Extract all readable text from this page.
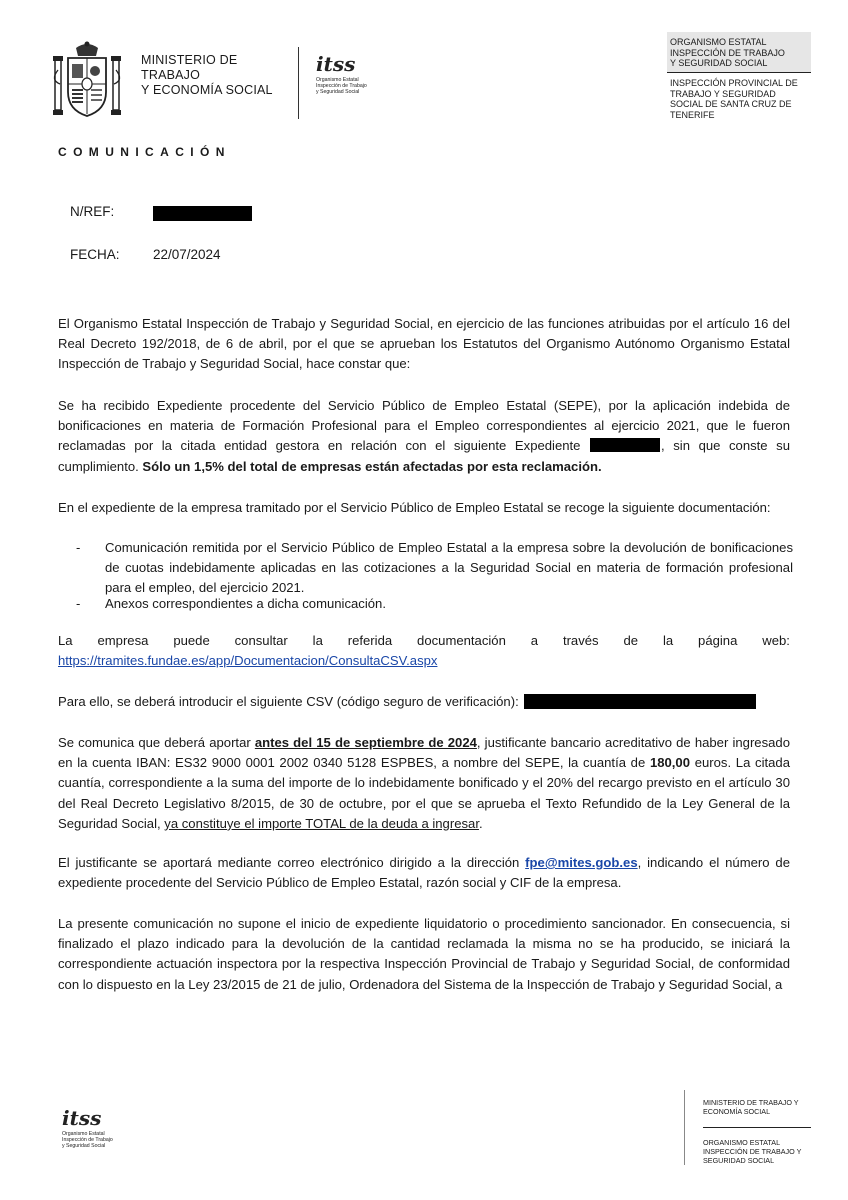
MINISTERIO DE
TRABAJO
Y ECONOMÍA SOCIAL
itss
Organismo Estatal
Inspección de Trabajo
y Seguridad Social
ORGANISMO ESTATAL
INSPECCIÓN DE TRABAJO
Y SEGURIDAD SOCIAL
INSPECCIÓN PROVINCIAL DE
TRABAJO Y SEGURIDAD
SOCIAL DE SANTA CRUZ DE
TENERIFE
COMUNICACIÓN
N/REF:
FECHA: 22/07/2024
El Organismo Estatal Inspección de Trabajo y Seguridad Social, en ejercicio de las funciones atribuidas por el artículo 16 del Real Decreto 192/2018, de 6 de abril, por el que se aprueban los Estatutos del Organismo Autónomo Organismo Estatal Inspección de Trabajo y Seguridad Social, hace constar que:
Se ha recibido Expediente procedente del Servicio Público de Empleo Estatal (SEPE), por la aplicación indebida de bonificaciones en materia de Formación Profesional para el Empleo correspondientes al ejercicio 2021, que le fueron reclamadas por la citada entidad gestora en relación con el siguiente Expediente	, sin que conste su cumplimiento. Sólo un 1,5% del total de empresas están afectadas por esta reclamación.
En el expediente de la empresa tramitado por el Servicio Público de Empleo Estatal se recoge la siguiente documentación:
- Comunicación remitida por el Servicio Público de Empleo Estatal a la empresa sobre la devolución de bonificaciones de cuotas indebidamente aplicadas en las cotizaciones a la Seguridad Social en materia de formación profesional para el empleo, del ejercicio 2021.
- Anexos correspondientes a dicha comunicación.
La empresa puede consultar la referida documentación a través de la página web:
https://tramites.fundae.es/app/Documentacion/ConsultaCSV.aspx
Para ello, se deberá introducir el siguiente CSV (código seguro de verificación):
Se comunica que deberá aportar antes del 15 de septiembre de 2024, justificante bancario acreditativo de haber ingresado en la cuenta IBAN: ES32 9000 0001 2002 0340 5128 ESPBES, a nombre del SEPE, la cuantía de 180,00 euros. La citada cuantía, correspondiente a la suma del importe de lo indebidamente bonificado y el 20% del recargo previsto en el artículo 30 del Real Decreto Legislativo 8/2015, de 30 de octubre, por el que se aprueba el Texto Refundido de la Ley General de la Seguridad Social, ya constituye el importe TOTAL de la deuda a ingresar.
El justificante se aportará mediante correo electrónico dirigido a la dirección fpe@mites.gob.es, indicando el número de expediente procedente del Servicio Público de Empleo Estatal, razón social y CIF de la empresa.
La presente comunicación no supone el inicio de expediente liquidatorio o procedimiento sancionador. En consecuencia, si finalizado el plazo indicado para la devolución de la cantidad reclamada la misma no se ha producido, se iniciará la correspondiente actuación inspectora por la respectiva Inspección Provincial de Trabajo y Seguridad Social, de conformidad con lo dispuesto en la Ley 23/2015 de 21 de julio, Ordenadora del Sistema de la Inspección de Trabajo y Seguridad Social, a
itss
Organismo Estatal
Inspección de Trabajo
y Seguridad Social
MINISTERIO DE TRABAJO Y
ECONOMÍA SOCIAL
ORGANISMO ESTATAL
INSPECCIÓN DE TRABAJO Y
SEGURIDAD SOCIAL
